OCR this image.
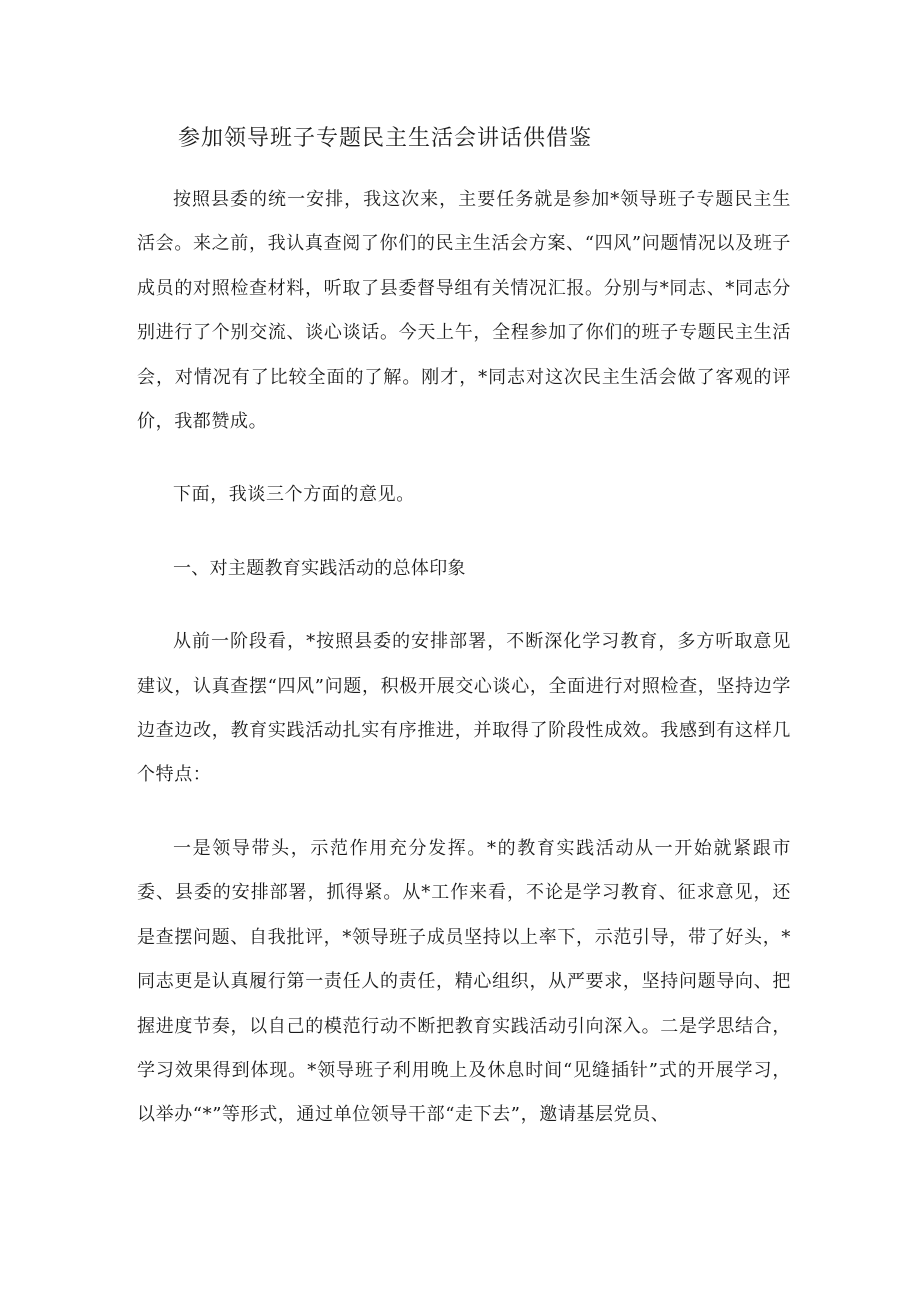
参加领导班子专题民主生活会讲话供借鉴

按照县委的统一安排，我这次来，主要任务就是参加*领导班子专题民主生活会。来之前，我认真查阅了你们的民主生活会方案、“四风”问题情况以及班子成员的对照检查材料，听取了县委督导组有关情况汇报。分别与*同志、*同志分别进行了个别交流、谈心谈话。今天上午，全程参加了你们的班子专题民主生活会，对情况有了比较全面的了解。刚才，*同志对这次民主生活会做了客观的评价，我都赞成。

下面，我谈三个方面的意见。

一、对主题教育实践活动的总体印象

从前一阶段看，*按照县委的安排部署，不断深化学习教育，多方听取意见建议，认真查摆“四风”问题，积极开展交心谈心，全面进行对照检查，坚持边学边查边改，教育实践活动扎实有序推进，并取得了阶段性成效。我感到有这样几个特点：

一是领导带头，示范作用充分发挥。*的教育实践活动从一开始就紧跟市委、县委的安排部署，抓得紧。从*工作来看，不论是学习教育、征求意见，还是查摆问题、自我批评，*领导班子成员坚持以上率下，示范引导，带了好头，*同志更是认真履行第一责任人的责任，精心组织，从严要求，坚持问题导向、把握进度节奏，以自己的模范行动不断把教育实践活动引向深入。二是学思结合，学习效果得到体现。*领导班子利用晚上及休息时间“见缝插针”式的开展学习，以举办“*”等形式，通过单位领导干部“走下去”，邀请基层党员、
